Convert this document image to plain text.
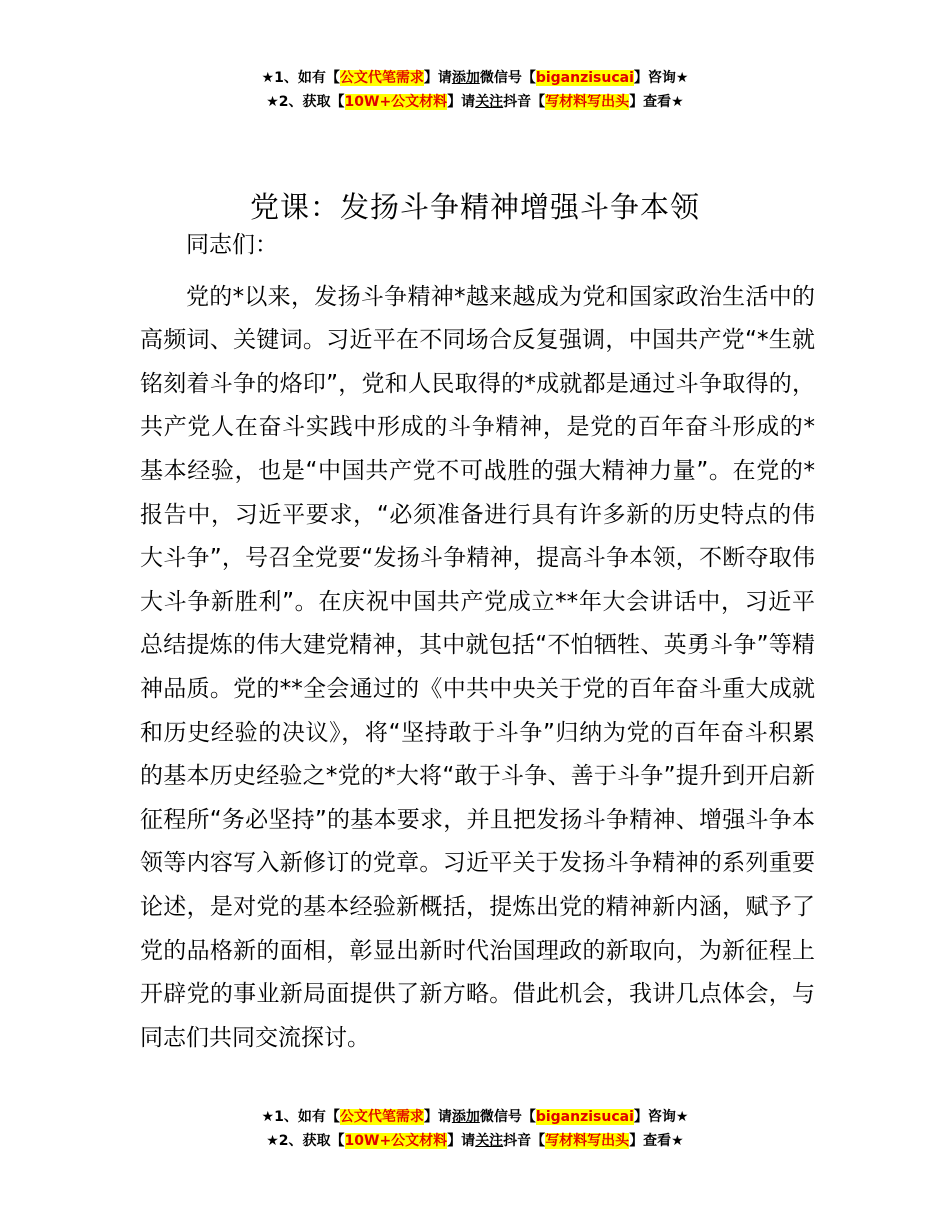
★1、如有【公文代笔需求】请添加微信号【biganzisucai】咨询★
★2、获取【10W+公文材料】请关注抖音【写材料写出头】查看★
党课：发扬斗争精神增强斗争本领

同志们：

党的*以来，发扬斗争精神*越来越成为党和国家政治生活中的高频词、关键词。习近平在不同场合反复强调，中国共产党“*生就铭刻着斗争的烙印”，党和人民取得的*成就都是通过斗争取得的，共产党人在奋斗实践中形成的斗争精神，是党的百年奋斗形成的*基本经验，也是“中国共产党不可战胜的强大精神力量”。在党的*报告中，习近平要求，“必须准备进行具有许多新的历史特点的伟大斗争”，号召全党要“发扬斗争精神，提高斗争本领，不断夺取伟大斗争新胜利”。在庆祝中国共产党成立**年大会讲话中，习近平总结提炼的伟大建党精神，其中就包括“不怕牺牲、英勇斗争”等精神品质。党的**全会通过的《中共中央关于党的百年奋斗重大成就和历史经验的决议》，将“坚持敢于斗争”归纳为党的百年奋斗积累的基本历史经验之*党的*大将“敢于斗争、善于斗争”提升到开启新征程所“务必坚持”的基本要求，并且把发扬斗争精神、增强斗争本领等内容写入新修订的党章。习近平关于发扬斗争精神的系列重要论述，是对党的基本经验新概括，提炼出党的精神新内涵，赋予了党的品格新的面相，彰显出新时代治国理政的新取向，为新征程上开辟党的事业新局面提供了新方略。借此机会，我讲几点体会，与同志们共同交流探讨。

★1、如有【公文代笔需求】请添加微信号【biganzisucai】咨询★
★2、获取【10W+公文材料】请关注抖音【写材料写出头】查看★
